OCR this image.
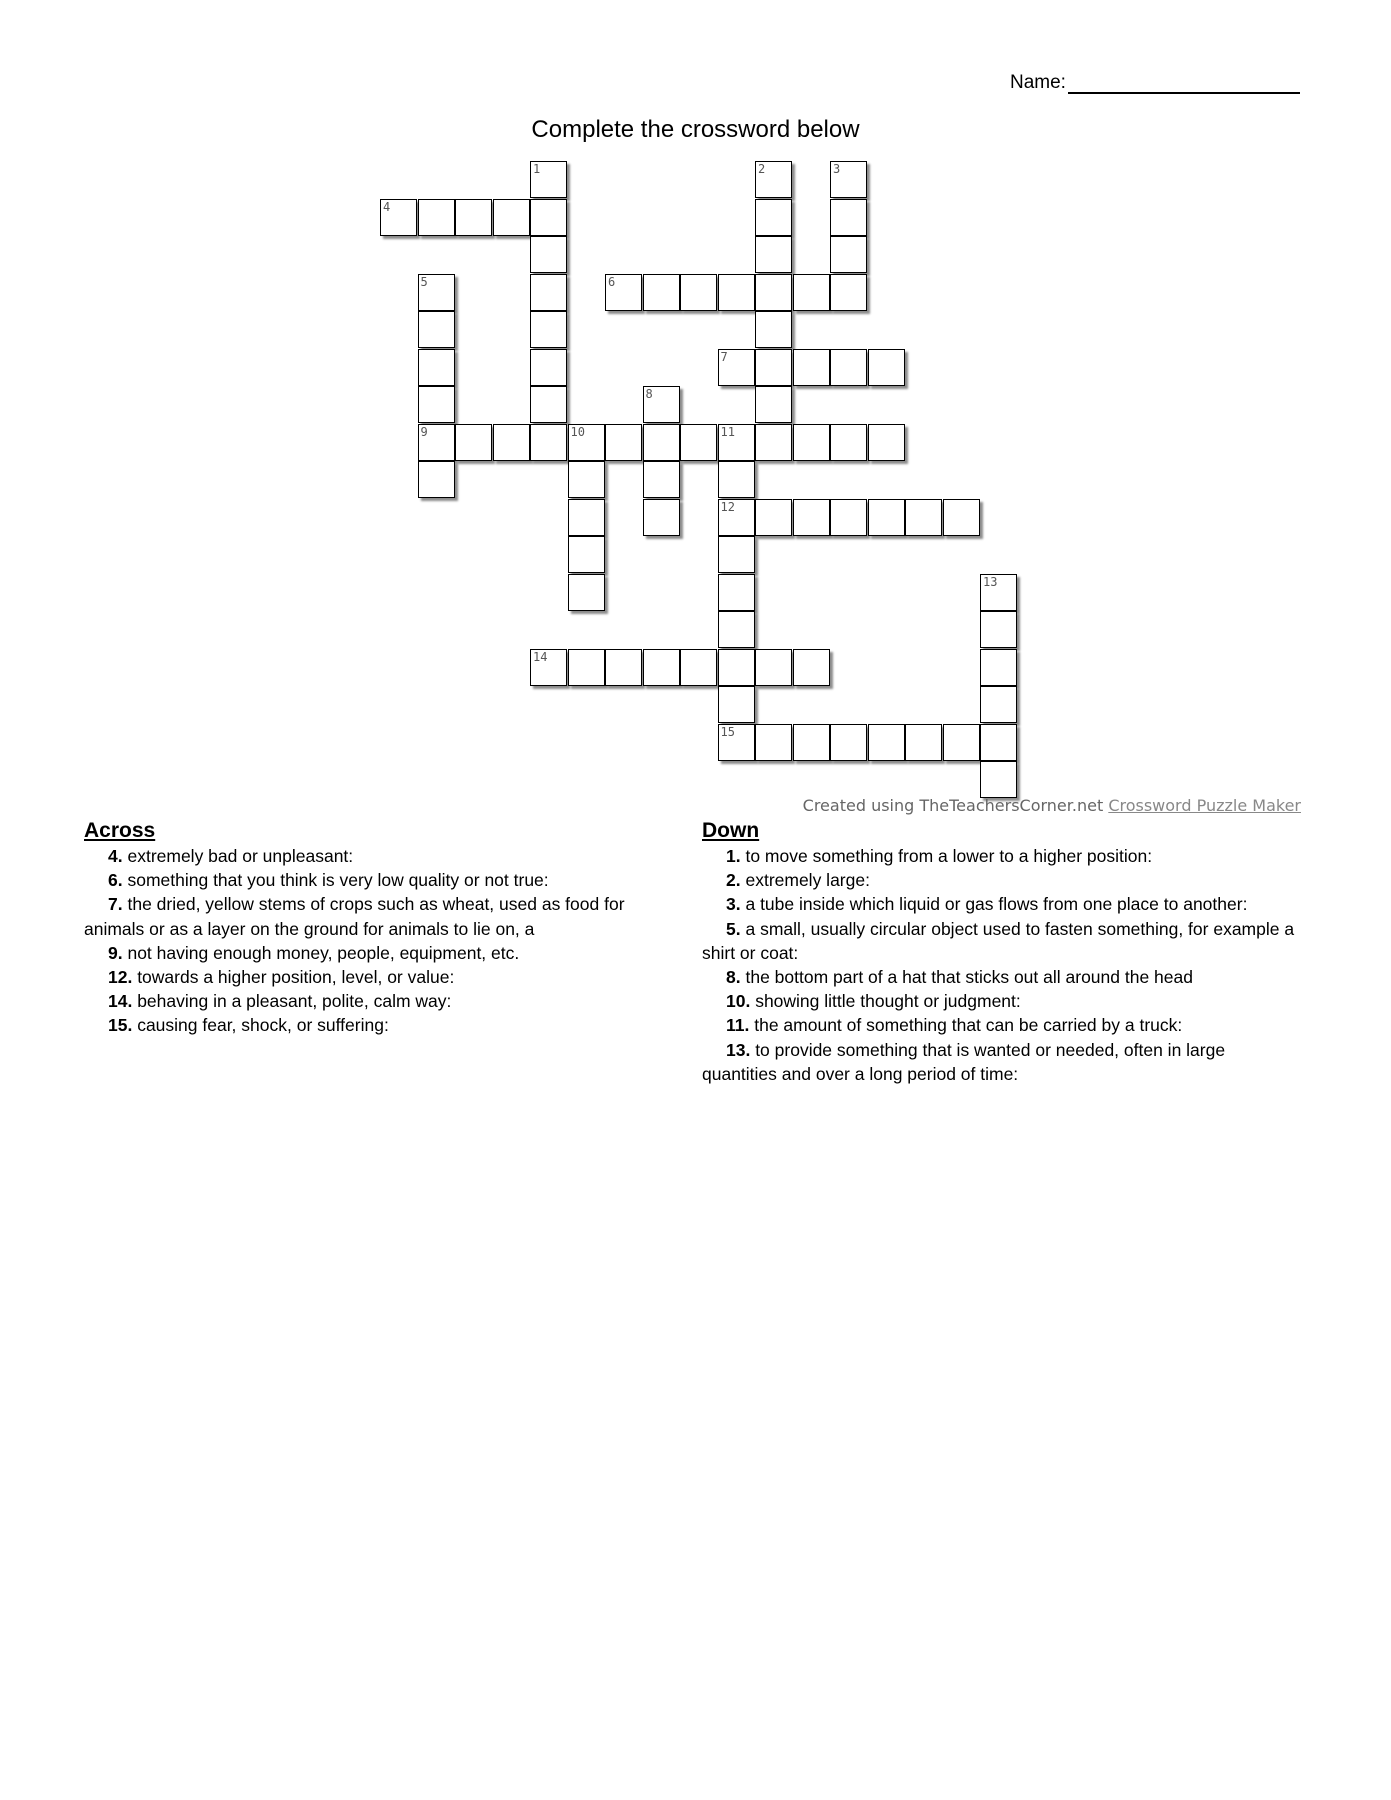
Name:
Complete the crossword below
1	2	3
4
5	6
7
8
9	10	11
12
13
14
15
Created using TheTeachersCorner.net Crossword Puzzle Maker
Across
4. extremely bad or unpleasant:
6. something that you think is very low quality or not true:
7. the dried, yellow stems of crops such as wheat, used as food for animals or as a layer on the ground for animals to lie on, a
9. not having enough money, people, equipment, etc.
12. towards a higher position, level, or value:
14. behaving in a pleasant, polite, calm way:
15. causing fear, shock, or suffering:
Down
1. to move something from a lower to a higher position:
2. extremely large:
3. a tube inside which liquid or gas flows from one place to another:
5. a small, usually circular object used to fasten something, for example a shirt or coat:
8. the bottom part of a hat that sticks out all around the head
10. showing little thought or judgment:
11. the amount of something that can be carried by a truck:
13. to provide something that is wanted or needed, often in large quantities and over a long period of time:
